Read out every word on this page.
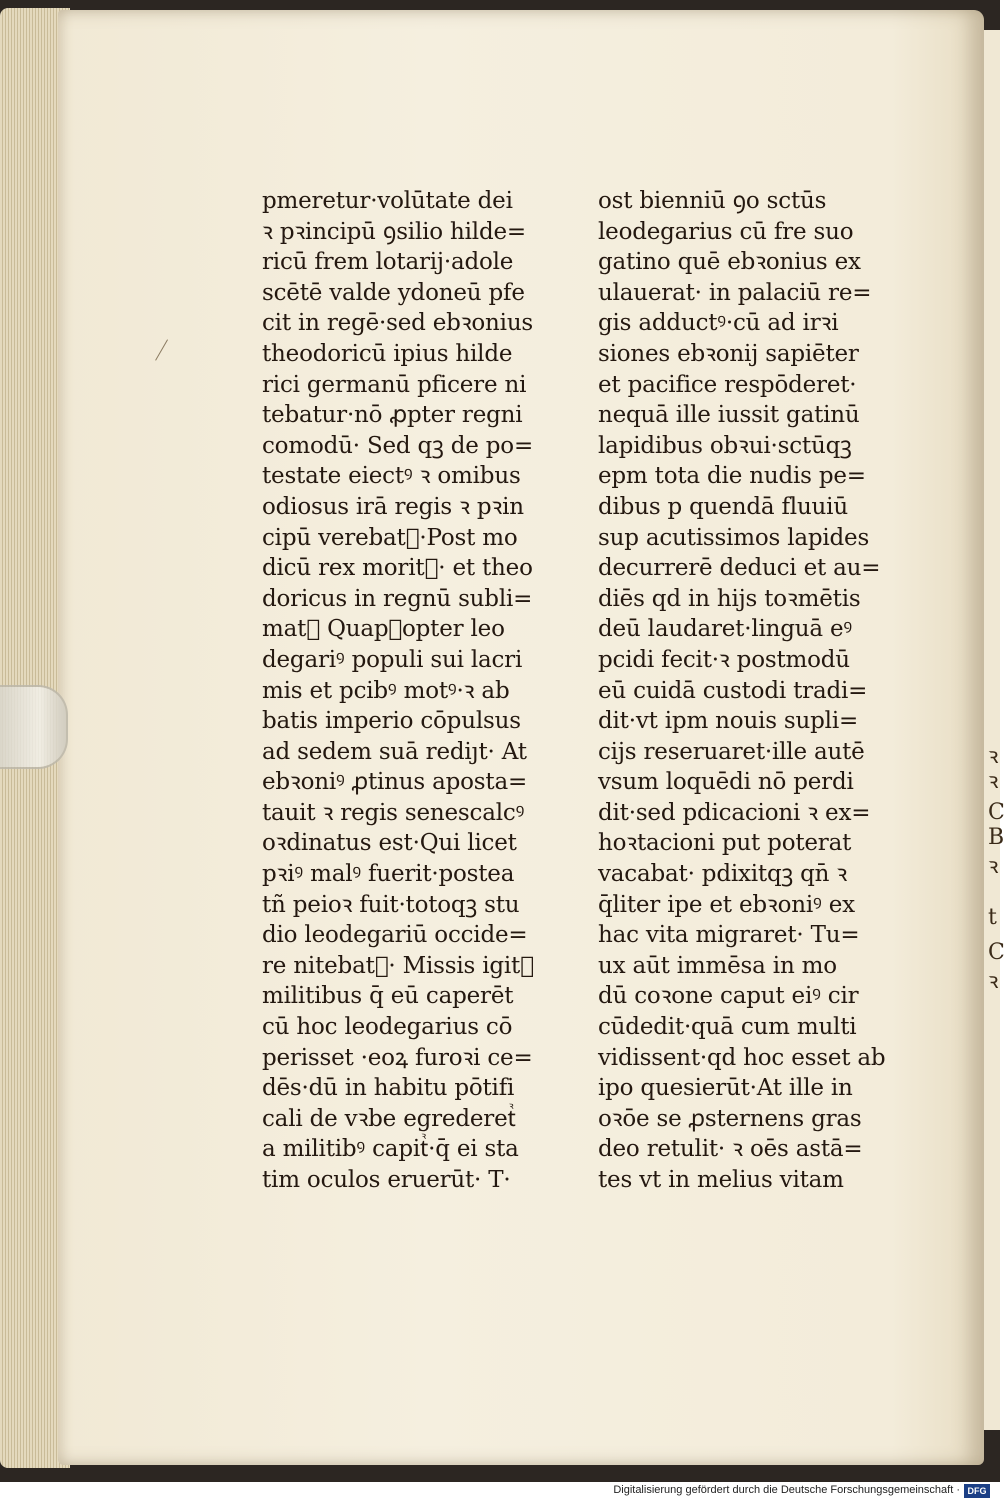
ꝛ
ꝛ
C
B
ꝛ
t
C
ꝛ
pmeretur·volūtate dei
ꝛ pꝛincipū ꝯsilio hilde=
ricū frem lotarij·adole
scētē valde ydoneū pfe
cit in regē·sed ebꝛonius
theodoricū ipius hilde
rici germanū pficere ni
tebatur·nō ꝓpter regni
comodū· Sed qꝫ de po=
testate eiectꝰ ꝛ omibus
odiosus irā regis ꝛ pꝛin
cipū verebatᷣ·Post mo
dicū rex moritᷣ· et theo
doricus in regnū subli=
matᷣ Quapꝛopter leo
degariꝰ populi sui lacri
mis et pcibꝰ motꝰ·ꝛ ab
batis imperio cōpulsus
ad sedem suā rediȷt· At
ebꝛoniꝰ ꝓtinus aposta=
tauit ꝛ regis senescalcꝰ
oꝛdinatus est·Qui licet
pꝛiꝰ malꝰ fuerit·postea
tñ peioꝛ fuit·totoqꝫ stu
dio leodegariū occide=
re nitebatᷣ· Missis igitᷣ
militibus q̄ eū caperēt
cū hoc leodegarius cō
perisset ·eoꝝ furoꝛi ce=
dēs·dū in habitu pōtifi
cali de vꝛbe egrederetᷣ
a militibꝰ capitᷣ·q̄ ei sta
tim oculos eruerūt· T·
ost bienniū ꝯo sctūs
leodegarius cū fre suo
gatino quē ebꝛonius ex
ulauerat· in palaciū re=
gis adductꝰ·cū ad irꝛi
siones ebꝛonij sapiēter
et pacifice respōderet·
nequā ille iussit gatinū
lapidibus obꝛui·sctūqꝫ
epm tota die nudis pe=
dibus p quendā fluuiū
sup acutissimos lapides
decurrerē deduci et au=
diēs qd in hijs toꝛmētis
deū laudaret·linguā eꝰ
pcidi fecit·ꝛ postmodū
eū cuidā custodi tradi=
dit·vt ipm nouis supli=
cijs reseruaret·ille autē
vsum loquēdi nō perdi
dit·sed pdicacioni ꝛ ex=
hoꝛtacioni put poterat
vacabat· pdixitqꝫ qn̄ ꝛ
q̄liter ipe et ebꝛoniꝰ ex
hac vita migraret· Tu=
ux aūt immēsa in mo
dū coꝛone caput eiꝰ cir
cūdedit·quā cum multi
vidissent·qd hoc esset ab
ipo quesierūt·At ille in
oꝛōe se ꝓsternens gras
deo retulit· ꝛ oēs astā=
tes vt in melius vitam
Digitalisierung gefördert durch die Deutsche Forschungsgemeinschaft · DFG
